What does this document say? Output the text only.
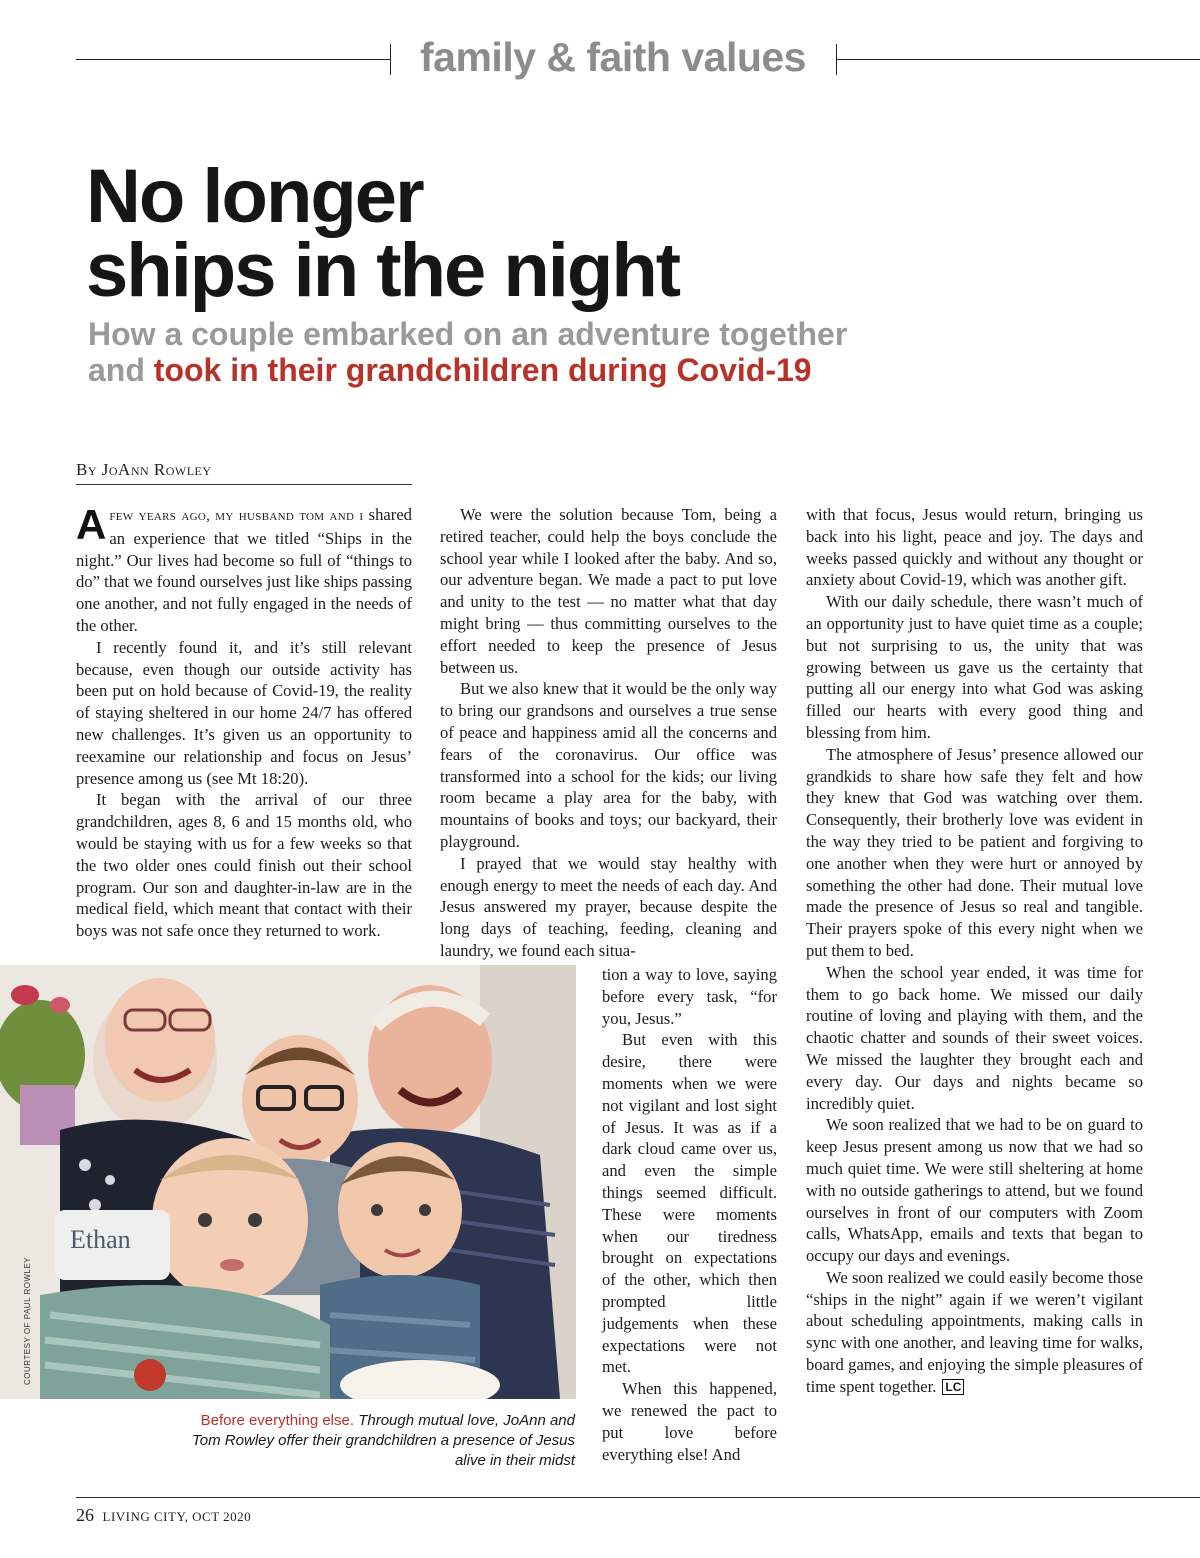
family & faith values
No longer
ships in the night
How a couple embarked on an adventure together
and took in their grandchildren during Covid-19
By JoAnn Rowley

Afew years ago, my husband tom and i shared an experience that we titled “Ships in the night.” Our lives had become so full of “things to do” that we found ourselves just like ships passing one another, and not fully engaged in the needs of the other.

I recently found it, and it’s still relevant because, even though our outside activity has been put on hold because of Covid-19, the reality of staying sheltered in our home 24/7 has offered new challenges. It’s given us an opportunity to reexamine our relationship and focus on Jesus’ presence among us (see Mt 18:20).

It began with the arrival of our three grandchildren, ages 8, 6 and 15 months old, who would be staying with us for a few weeks so that the two older ones could finish out their school program. Our son and daughter-in-law are in the medical field, which meant that contact with their boys was not safe once they returned to work.

We were the solution because Tom, being a retired teacher, could help the boys conclude the school year while I looked after the baby. And so, our adventure began. We made a pact to put love and unity to the test — no matter what that day might bring — thus committing ourselves to the effort needed to keep the presence of Jesus between us.

But we also knew that it would be the only way to bring our grandsons and ourselves a true sense of peace and happiness amid all the concerns and fears of the coronavirus. Our office was transformed into a school for the kids; our living room became a play area for the baby, with mountains of books and toys; our backyard, their playground.

I prayed that we would stay healthy with enough energy to meet the needs of each day. And Jesus answered my prayer, because despite the long days of teaching, feeding, cleaning and laundry, we found each situa-

tion a way to love, saying before every task, “for you, Jesus.”

But even with this desire, there were moments when we were not vigilant and lost sight of Jesus. It was as if a dark cloud came over us, and even the simple things seemed difficult. These were moments when our tiredness brought on expectations of the other, which then prompted little judgements when these expectations were not met.

When this happened, we renewed the pact to put love before everything else! And

with that focus, Jesus would return, bringing us back into his light, peace and joy. The days and weeks passed quickly and without any thought or anxiety about Covid-19, which was another gift.

With our daily schedule, there wasn’t much of an opportunity just to have quiet time as a couple; but not surprising to us, the unity that was growing between us gave us the certainty that putting all our energy into what God was asking filled our hearts with every good thing and blessing from him.

The atmosphere of Jesus’ presence allowed our grandkids to share how safe they felt and how they knew that God was watching over them. Consequently, their brotherly love was evident in the way they tried to be patient and forgiving to one another when they were hurt or annoyed by something the other had done. Their mutual love made the presence of Jesus so real and tangible. Their prayers spoke of this every night when we put them to bed.

When the school year ended, it was time for them to go back home. We missed our daily routine of loving and playing with them, and the chaotic chatter and sounds of their sweet voices. We missed the laughter they brought each and every day. Our days and nights became so incredibly quiet.

We soon realized that we had to be on guard to keep Jesus present among us now that we had so much quiet time. We were still sheltering at home with no outside gatherings to attend, but we found ourselves in front of our computers with Zoom calls, WhatsApp, emails and texts that began to occupy our days and evenings.

We soon realized we could easily become those “ships in the night” again if we weren’t vigilant about scheduling appointments, making calls in sync with one another, and leaving time for walks, board games, and enjoying the simple pleasures of time spent together. LC

Ethan
COURTESY OF PAUL ROWLEY
Before everything else. Through mutual love, JoAnn and Tom Rowley offer their grandchildren a presence of Jesus alive in their midst
26 LIVING CITY, OCT 2020
